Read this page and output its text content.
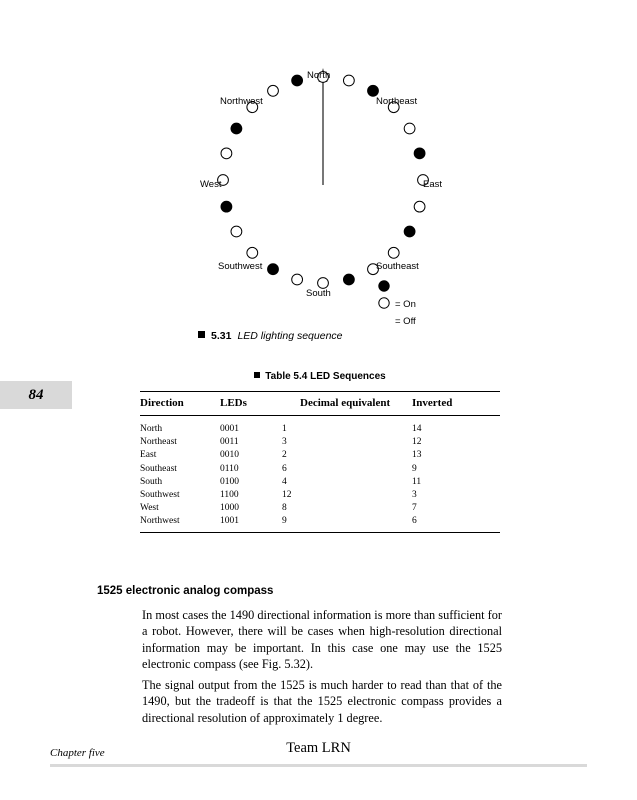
North
Northeast
East
Southeast
South
Southwest
West
Northwest
= On
= Off
5.31 LED lighting sequence
84
Table 5.4 LED Sequences
Direction	LEDs	Decimal equivalent	Inverted
North	0001	1	14
Northeast	0011	3	12
East	0010	2	13
Southeast	0110	6	9
South	0100	4	11
Southwest	1100	12	3
West	1000	8	7
Northwest	1001	9	6
1525 electronic analog compass
In most cases the 1490 directional information is more than sufficient for a robot. However, there will be cases when high-resolution directional information may be important. In this case one may use the 1525 electronic compass (see Fig. 5.32).
The signal output from the 1525 is much harder to read than that of the 1490, but the tradeoff is that the 1525 electronic compass provides a directional resolution of approximately 1 degree.
Chapter five	Team LRN
